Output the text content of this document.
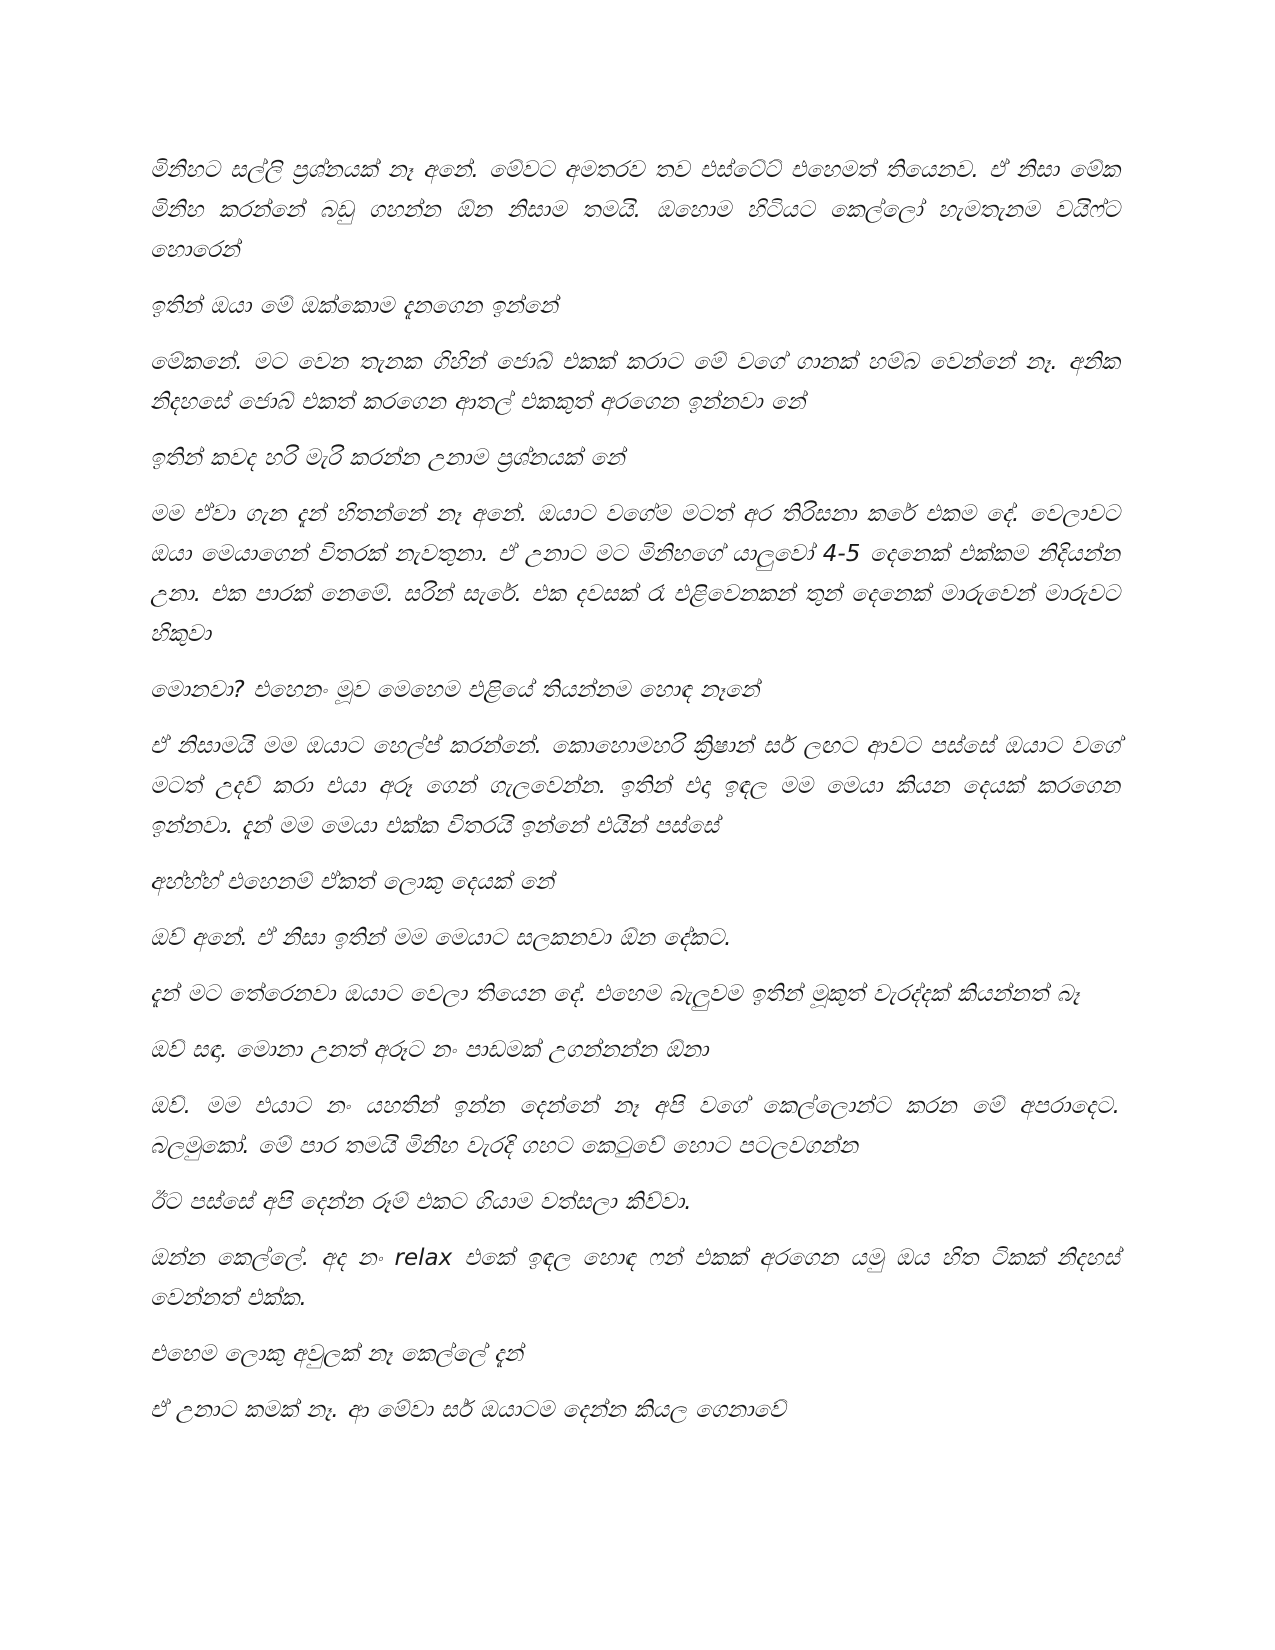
මිනිහට සල්ලි ප්‍රශ්නයක් නෑ අනේ. මේවට අමතරව තව එස්ටේට් එහෙමත් තියෙනව. ඒ නිසා මේක මිනිහ කරන්නේ බඩු ගහන්න ඕන නිසාම තමයි. ඔහොම හිටියට කෙල්ලෝ හැමතැනම වයිෆ්ට හොරෙන්

ඉතින් ඔයා මේ ඔක්කොම දැනගෙන ඉන්නේ

මේකනේ. මට වෙන තැනක ගිහින් ජොබ් එකක් කරාට මේ වගේ ගානක් හම්බ වෙන්නේ නෑ. අනික නිදහසේ ජොබ් එකත් කරගෙන ආතල් එකකුත් අරගෙන ඉන්නවා නේ

ඉතින් කවද හරි මැරි කරන්න උනාම ප්‍රශ්නයක් නේ

මම ඒවා ගැන දැන් හිතන්නේ නෑ අනේ. ඔයාට වගේම මටත් අර තිරිසනා කරේ එකම දේ. වෙලාවට ඔයා මෙයාගෙන් විතරක් නැවතුනා. ඒ උනාට මට මිනිහගේ යාලුවෝ 4-5 දෙනෙක් එක්කම නිදියන්න උනා. එක පාරක් නෙමේ. සරින් සැරේ. එක දවසක් රෑ එළිවෙනකන් තුන් දෙනෙක් මාරුවෙන් මාරුවට හිකුවා

මොනවා? එහෙනං මූව මෙහෙම එළියේ තියන්නම හොඳ නෑනේ

ඒ නිසාමයි මම ඔයාට හෙල්ප් කරන්නේ. කොහොමහරි ක්‍රිෂාන් සර් ලඟට ආවට පස්සේ ඔයාට වගේ මටත් උදව් කරා එයා අරූ ගෙන් ගැලවෙන්න. ඉතින් එදා ඉඳල මම මෙයා කියන දෙයක් කරගෙන ඉන්නවා. දැන් මම මෙයා එක්ක විතරයි ඉන්නේ එයින් පස්සේ

අහ්හ්හ් එහෙනම් ඒකත් ලොකු දෙයක් නේ

ඔව් අනේ. ඒ නිසා ඉතින් මම මෙයාට සලකනවා ඕන දේකට.

දැන් මට තේරෙනවා ඔයාට වෙලා තියෙන දේ. එහෙම බැලුවම ඉතින් මූකුත් වැරද්දක් කියන්නත් බෑ

ඔව් සඳා. මොනා උනත් අරූට නං පාඩමක් උගන්නන්න ඕනා

ඔව්. මම එයාට නං යහතින් ඉන්න දෙන්නේ නෑ අපි වගේ කෙල්ලොන්ට කරන මේ අපරාදෙට. බලමුකෝ. මේ පාර තමයි මිනිහ වැරදි ගහට කෙටුවේ හොට පටලවගන්න

ඊට පස්සේ අපි දෙන්න රූම් එකට ගියාම වත්සලා කිව්වා.

ඔන්න කෙල්ලේ. අද නං relax එකේ ඉඳල හොඳ ෆන් එකක් අරගෙන යමු ඔය හිත ටිකක් නිදහස් වෙන්නත් එක්ක.

එහෙම ලොකු අවුලක් නෑ කෙල්ලේ දැන්

ඒ උනාට කමක් නෑ. ආ මේවා සර් ඔයාටම දෙන්න කියල ගෙනාවේ
